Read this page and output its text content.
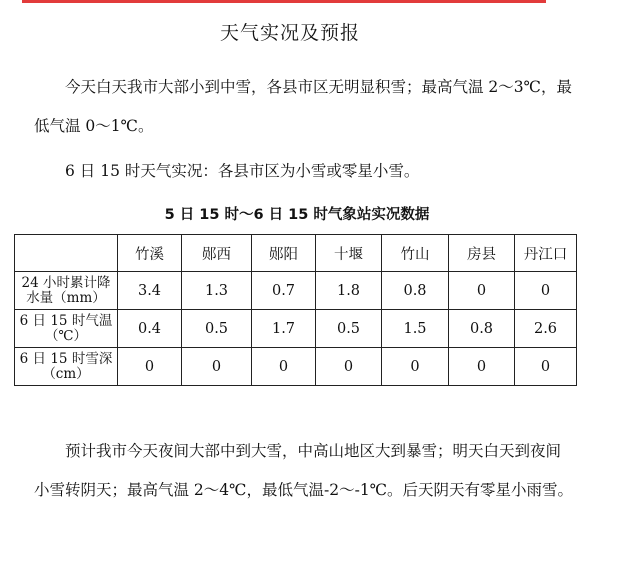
天气实况及预报

今天白天我市大部小到中雪，各县市区无明显积雪；最高气温 2～3℃，最低气温 0～1℃。

6 日 15 时天气实况：各县市区为小雪或零星小雪。

5 日 15 时～6 日 15 时气象站实况数据
	竹溪	郧西	郧阳	十堰	竹山	房县	丹江口
24 小时累计降水量（mm）	3.4	1.3	0.7	1.8	0.8	0	0
6 日 15 时气温（℃）	0.4	0.5	1.7	0.5	1.5	0.8	2.6
6 日 15 时雪深（cm）	0	0	0	0	0	0	0

预计我市今天夜间大部中到大雪，中高山地区大到暴雪；明天白天到夜间小雪转阴天；最高气温 2～4℃，最低气温-2～-1℃。后天阴天有零星小雨雪。
